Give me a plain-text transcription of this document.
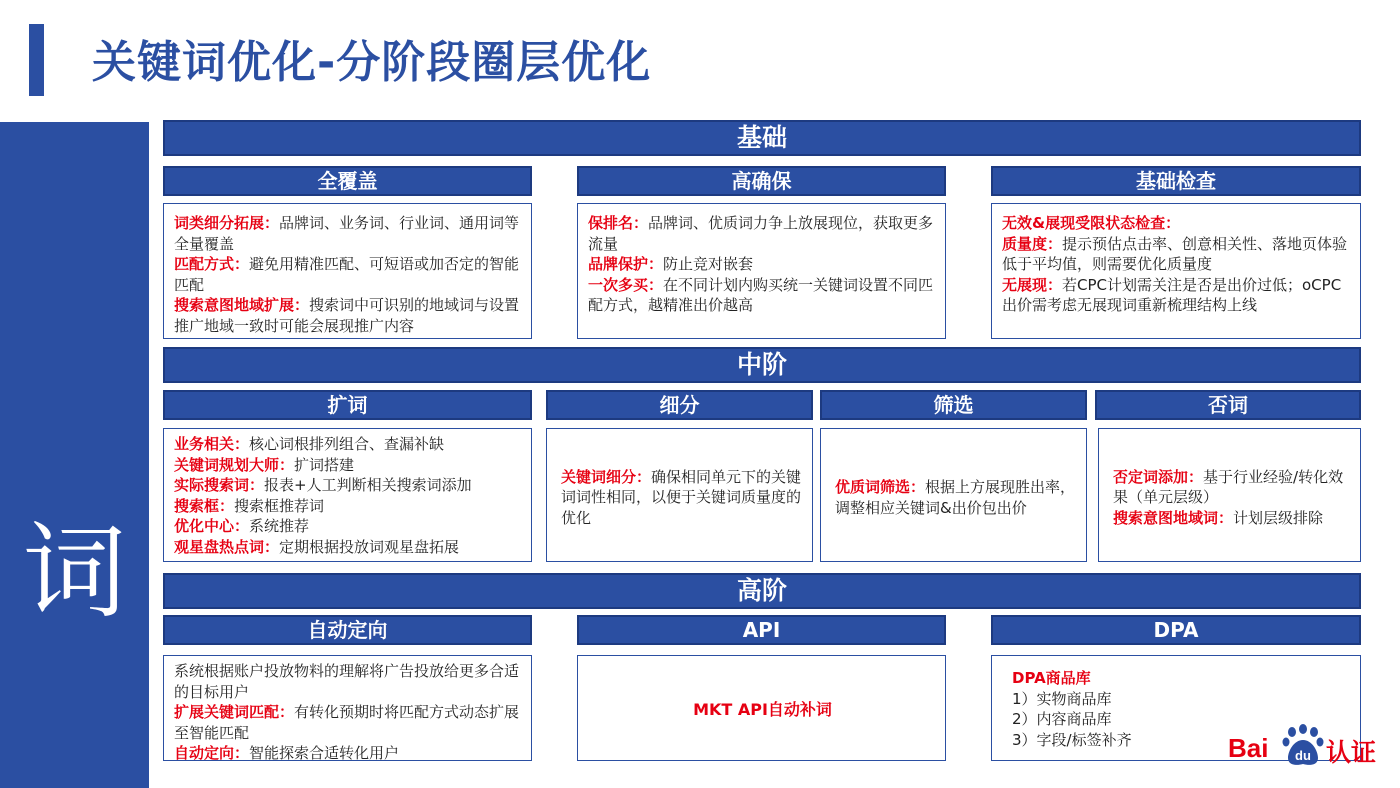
关键词优化-分阶段圈层优化
词
基础
全覆盖	高确保	基础检查
词类细分拓展：品牌词、业务词、行业词、通用词等全量覆盖
匹配方式：避免用精准匹配、可短语或加否定的智能匹配
搜索意图地域扩展：搜索词中可识别的地域词与设置推广地域一致时可能会展现推广内容
保排名：品牌词、优质词力争上放展现位，获取更多流量
品牌保护：防止竞对嵌套
一次多买：在不同计划内购买统一关键词设置不同匹配方式，越精准出价越高
无效&展现受限状态检查：
质量度：提示预估点击率、创意相关性、落地页体验低于平均值，则需要优化质量度
无展现：若CPC计划需关注是否是出价过低；oCPC出价需考虑无展现词重新梳理结构上线
中阶
扩词	细分	筛选	否词
业务相关：核心词根排列组合、查漏补缺
关键词规划大师：扩词搭建
实际搜索词：报表+人工判断相关搜索词添加
搜索框：搜索框推荐词
优化中心：系统推荐
观星盘热点词：定期根据投放词观星盘拓展
关键词细分：确保相同单元下的关键词词性相同，以便于关键词质量度的优化
优质词筛选：根据上方展现胜出率，调整相应关键词&出价包出价
否定词添加：基于行业经验/转化效果（单元层级）
搜索意图地域词：计划层级排除
高阶
自动定向	API	DPA
系统根据账户投放物料的理解将广告投放给更多合适的目标用户
扩展关键词匹配：有转化预期时将匹配方式动态扩展至智能匹配
自动定向：智能探索合适转化用户
MKT API自动补词
DPA商品库
1）实物商品库
2）内容商品库
3）字段/标签补齐	Bai du 认证
